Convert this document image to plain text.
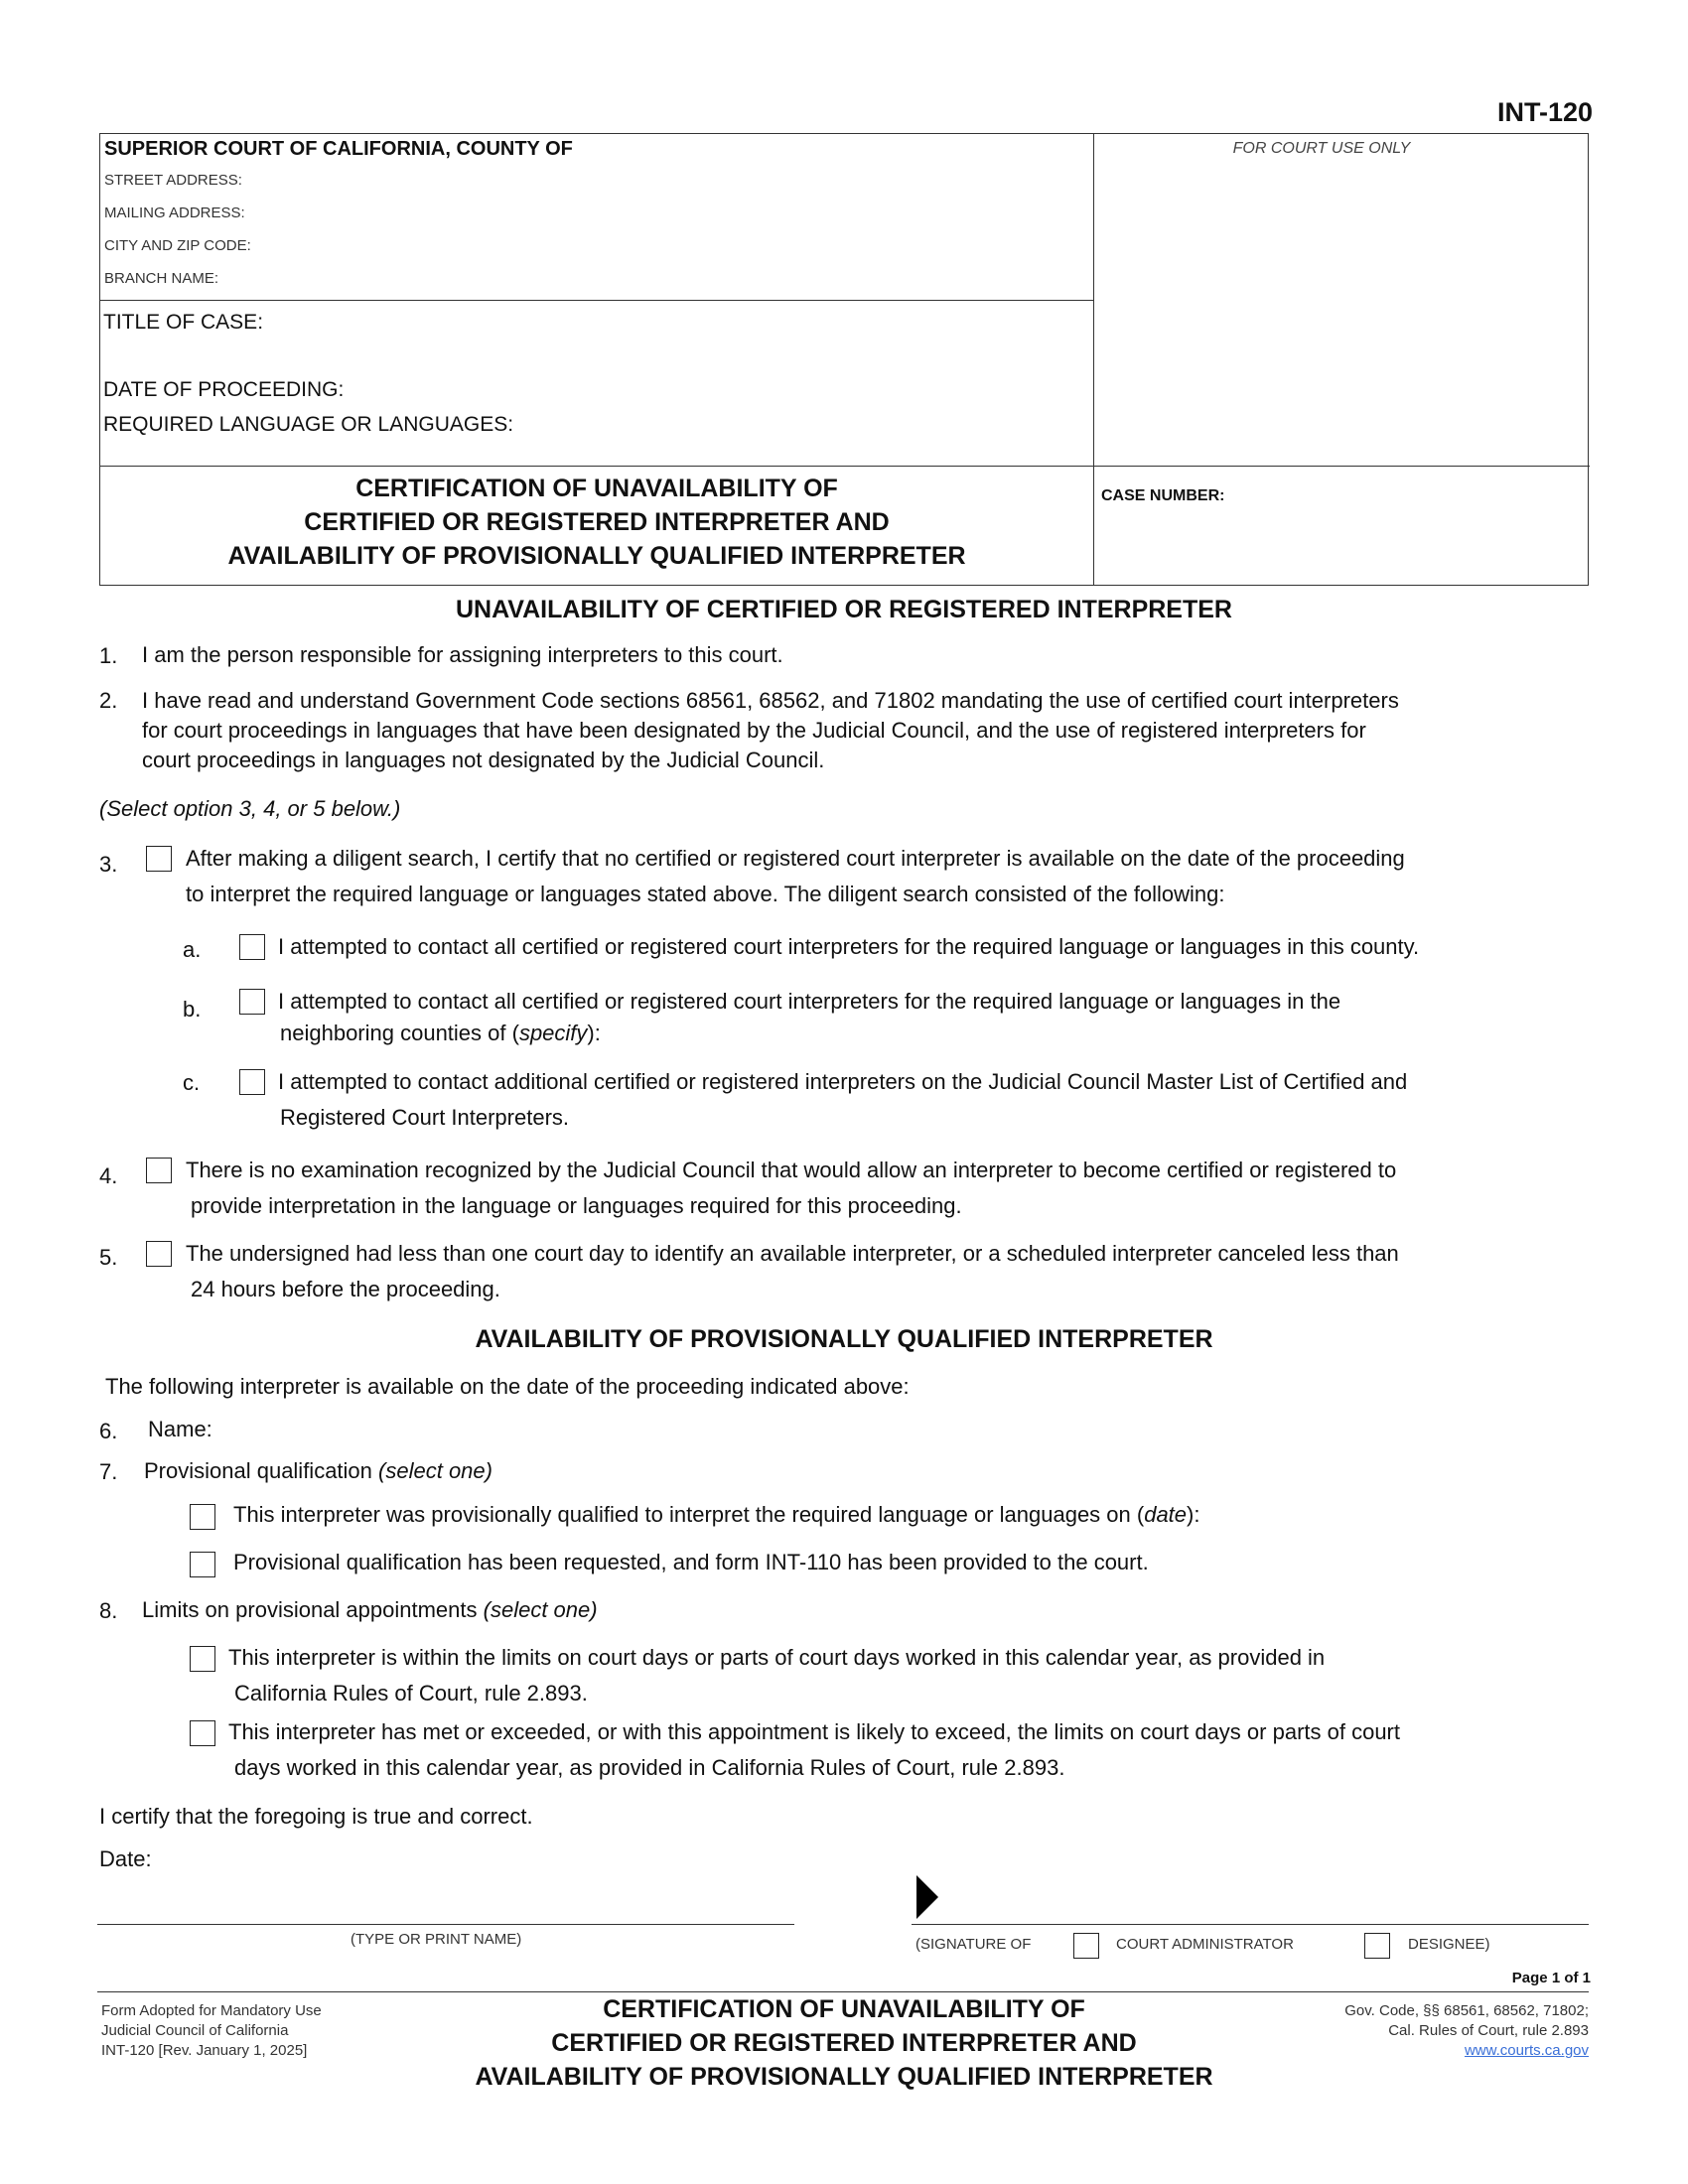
INT-120
SUPERIOR COURT OF CALIFORNIA, COUNTY OF
STREET ADDRESS:
MAILING ADDRESS:
CITY AND ZIP CODE:
BRANCH NAME:
TITLE OF CASE:
DATE OF PROCEEDING:
REQUIRED LANGUAGE OR LANGUAGES:
CERTIFICATION OF UNAVAILABILITY OF
CERTIFIED OR REGISTERED INTERPRETER AND
AVAILABILITY OF PROVISIONALLY QUALIFIED INTERPRETER
FOR COURT USE ONLY
CASE NUMBER:
UNAVAILABILITY OF CERTIFIED OR REGISTERED INTERPRETER
1. I am the person responsible for assigning interpreters to this court.
2. I have read and understand Government Code sections 68561, 68562, and 71802 mandating the use of certified court interpreters
for court proceedings in languages that have been designated by the Judicial Council, and the use of registered interpreters for
court proceedings in languages not designated by the Judicial Council.
(Select option 3, 4, or 5 below.)
3.	After making a diligent search, I certify that no certified or registered court interpreter is available on the date of the proceeding
to interpret the required language or languages stated above. The diligent search consisted of the following:
a.	I attempted to contact all certified or registered court interpreters for the required language or languages in this county.
b.	I attempted to contact all certified or registered court interpreters for the required language or languages in the
neighboring counties of (specify):
c.	I attempted to contact additional certified or registered interpreters on the Judicial Council Master List of Certified and
Registered Court Interpreters.
4.	There is no examination recognized by the Judicial Council that would allow an interpreter to become certified or registered to
provide interpretation in the language or languages required for this proceeding.
5.	The undersigned had less than one court day to identify an available interpreter, or a scheduled interpreter canceled less than
24 hours before the proceeding.
AVAILABILITY OF PROVISIONALLY QUALIFIED INTERPRETER
The following interpreter is available on the date of the proceeding indicated above:
6. Name:
7. Provisional qualification (select one)
This interpreter was provisionally qualified to interpret the required language or languages on (date):
Provisional qualification has been requested, and form INT-110 has been provided to the court.
8. Limits on provisional appointments (select one)
This interpreter is within the limits on court days or parts of court days worked in this calendar year, as provided in
California Rules of Court, rule 2.893.
This interpreter has met or exceeded, or with this appointment is likely to exceed, the limits on court days or parts of court
days worked in this calendar year, as provided in California Rules of Court, rule 2.893.
I certify that the foregoing is true and correct.
Date:
(TYPE OR PRINT NAME)	(SIGNATURE OF	COURT ADMINISTRATOR	DESIGNEE)
Page 1 of 1
Form Adopted for Mandatory Use
Judicial Council of California
INT-120 [Rev. January 1, 2025]
CERTIFICATION OF UNAVAILABILITY OF
CERTIFIED OR REGISTERED INTERPRETER AND
AVAILABILITY OF PROVISIONALLY QUALIFIED INTERPRETER
Gov. Code, §§ 68561, 68562, 71802;
Cal. Rules of Court, rule 2.893
www.courts.ca.gov
